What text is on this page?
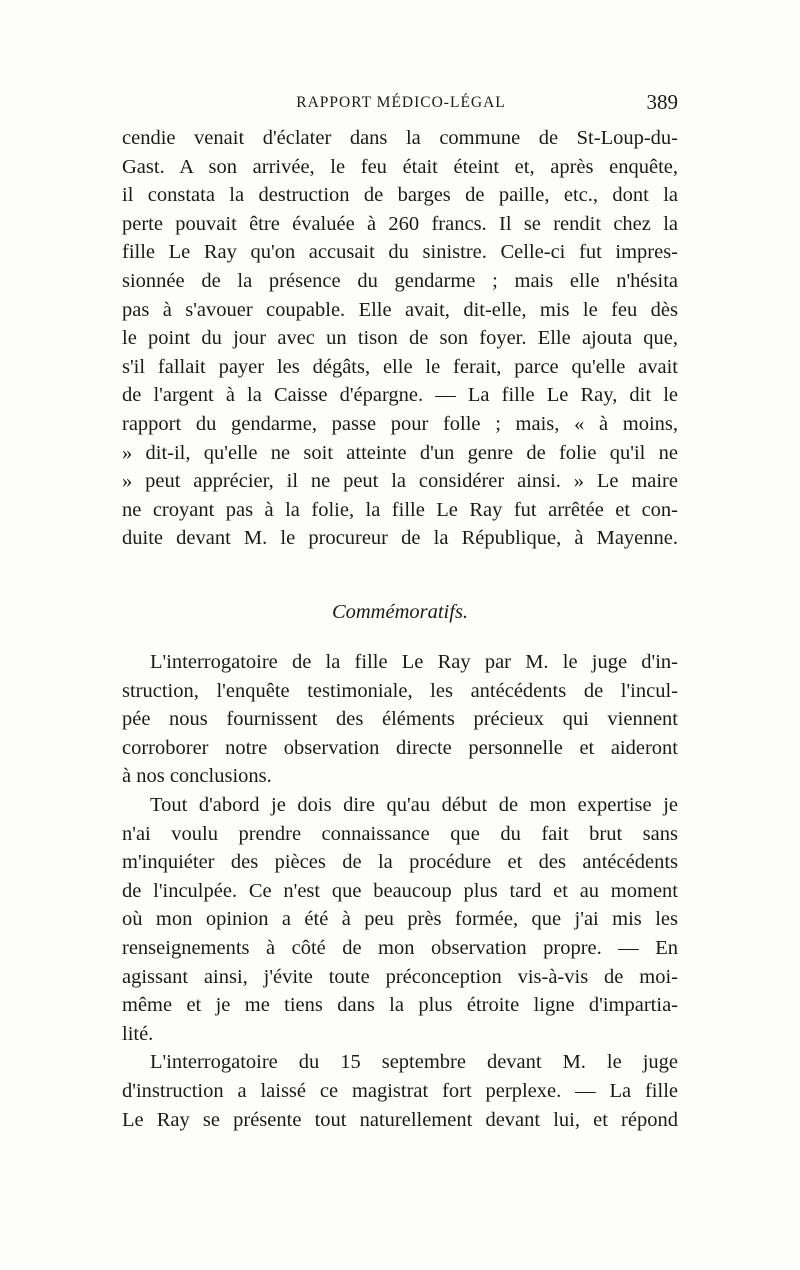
RAPPORT MÉDICO-LÉGAL	389
cendie venait d'éclater dans la commune de St-Loup-du-
Gast. A son arrivée, le feu était éteint et, après enquête,
il constata la destruction de barges de paille, etc., dont la
perte pouvait être évaluée à 260 francs. Il se rendit chez la
fille Le Ray qu'on accusait du sinistre. Celle-ci fut impres-
sionnée de la présence du gendarme ; mais elle n'hésita
pas à s'avouer coupable. Elle avait, dit-elle, mis le feu dès
le point du jour avec un tison de son foyer. Elle ajouta que,
s'il fallait payer les dégâts, elle le ferait, parce qu'elle avait
de l'argent à la Caisse d'épargne. — La fille Le Ray, dit le
rapport du gendarme, passe pour folle ; mais, « à moins,
» dit-il, qu'elle ne soit atteinte d'un genre de folie qu'il ne
» peut apprécier, il ne peut la considérer ainsi. » Le maire
ne croyant pas à la folie, la fille Le Ray fut arrêtée et con-
duite devant M. le procureur de la République, à Mayenne.
Commémoratifs.
L'interrogatoire de la fille Le Ray par M. le juge d'in-
struction, l'enquête testimoniale, les antécédents de l'incul-
pée nous fournissent des éléments précieux qui viennent
corroborer notre observation directe personnelle et aideront
à nos conclusions.
Tout d'abord je dois dire qu'au début de mon expertise je
n'ai voulu prendre connaissance que du fait brut sans
m'inquiéter des pièces de la procédure et des antécédents
de l'inculpée. Ce n'est que beaucoup plus tard et au moment
où mon opinion a été à peu près formée, que j'ai mis les
renseignements à côté de mon observation propre. — En
agissant ainsi, j'évite toute préconception vis-à-vis de moi-
même et je me tiens dans la plus étroite ligne d'impartia-
lité.
L'interrogatoire du 15 septembre devant M. le juge
d'instruction a laissé ce magistrat fort perplexe. — La fille
Le Ray se présente tout naturellement devant lui, et répond
